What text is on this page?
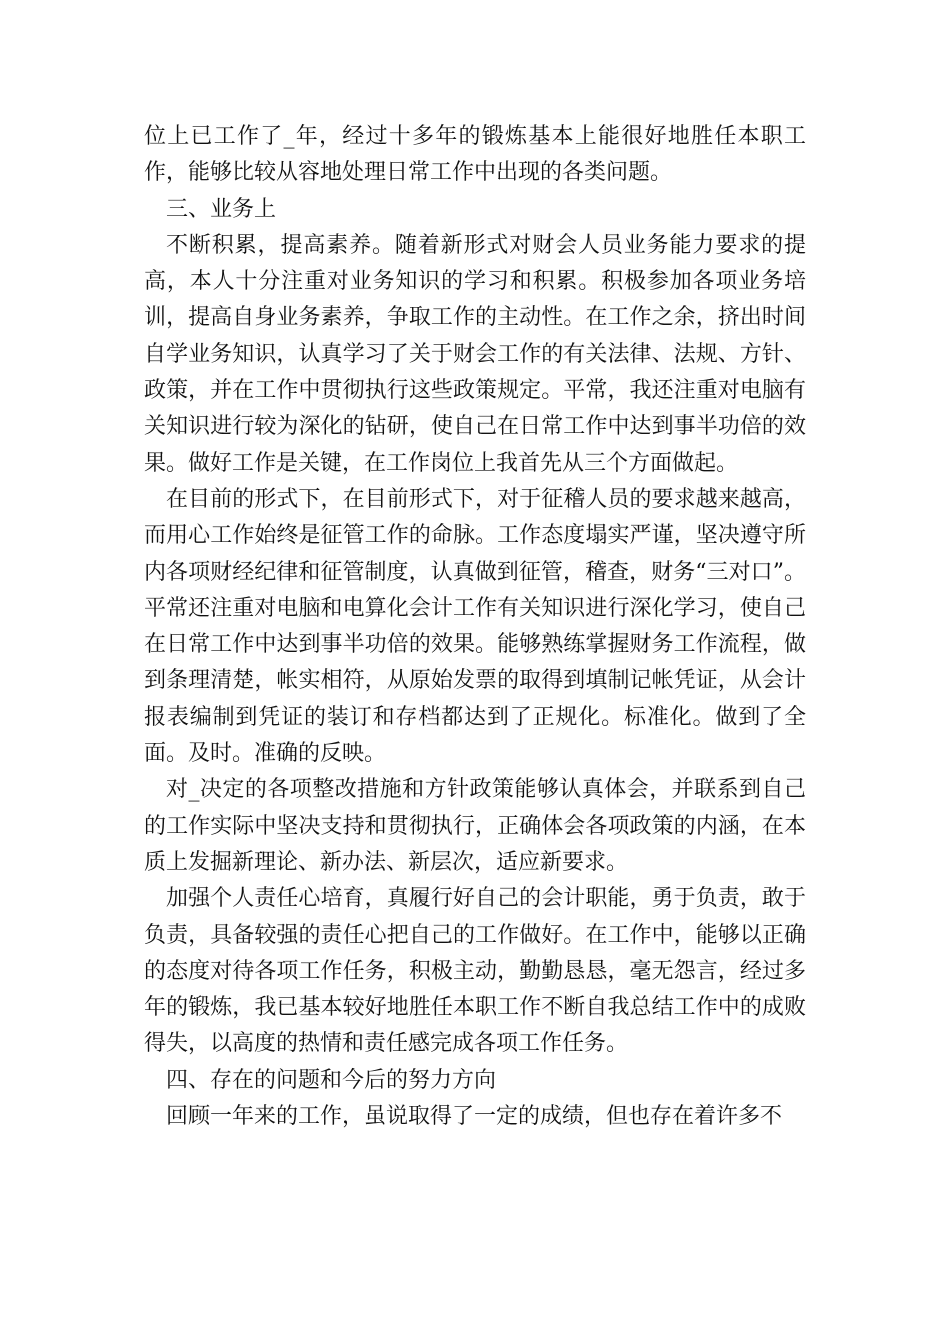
位上已工作了_年，经过十多年的锻炼基本上能很好地胜任本职工作，能够比较从容地处理日常工作中出现的各类问题。

三、业务上

不断积累，提高素养。随着新形式对财会人员业务能力要求的提高，本人十分注重对业务知识的学习和积累。积极参加各项业务培训，提高自身业务素养，争取工作的主动性。在工作之余，挤出时间自学业务知识，认真学习了关于财会工作的有关法律、法规、方针、政策，并在工作中贯彻执行这些政策规定。平常，我还注重对电脑有关知识进行较为深化的钻研，使自己在日常工作中达到事半功倍的效果。做好工作是关键，在工作岗位上我首先从三个方面做起。

在目前的形式下，在目前形式下，对于征稽人员的要求越来越高，而用心工作始终是征管工作的命脉。工作态度塌实严谨，坚决遵守所内各项财经纪律和征管制度，认真做到征管，稽查，财务“三对口”。平常还注重对电脑和电算化会计工作有关知识进行深化学习，使自己在日常工作中达到事半功倍的效果。能够熟练掌握财务工作流程，做到条理清楚，帐实相符，从原始发票的取得到填制记帐凭证，从会计报表编制到凭证的装订和存档都达到了正规化。标准化。做到了全面。及时。准确的反映。

对_决定的各项整改措施和方针政策能够认真体会，并联系到自己的工作实际中坚决支持和贯彻执行，正确体会各项政策的内涵，在本质上发掘新理论、新办法、新层次，适应新要求。

加强个人责任心培育，真履行好自己的会计职能，勇于负责，敢于负责，具备较强的责任心把自己的工作做好。在工作中，能够以正确的态度对待各项工作任务，积极主动，勤勤恳恳，毫无怨言，经过多年的锻炼，我已基本较好地胜任本职工作不断自我总结工作中的成败得失，以高度的热情和责任感完成各项工作任务。

四、存在的问题和今后的努力方向

回顾一年来的工作，虽说取得了一定的成绩，但也存在着许多不
